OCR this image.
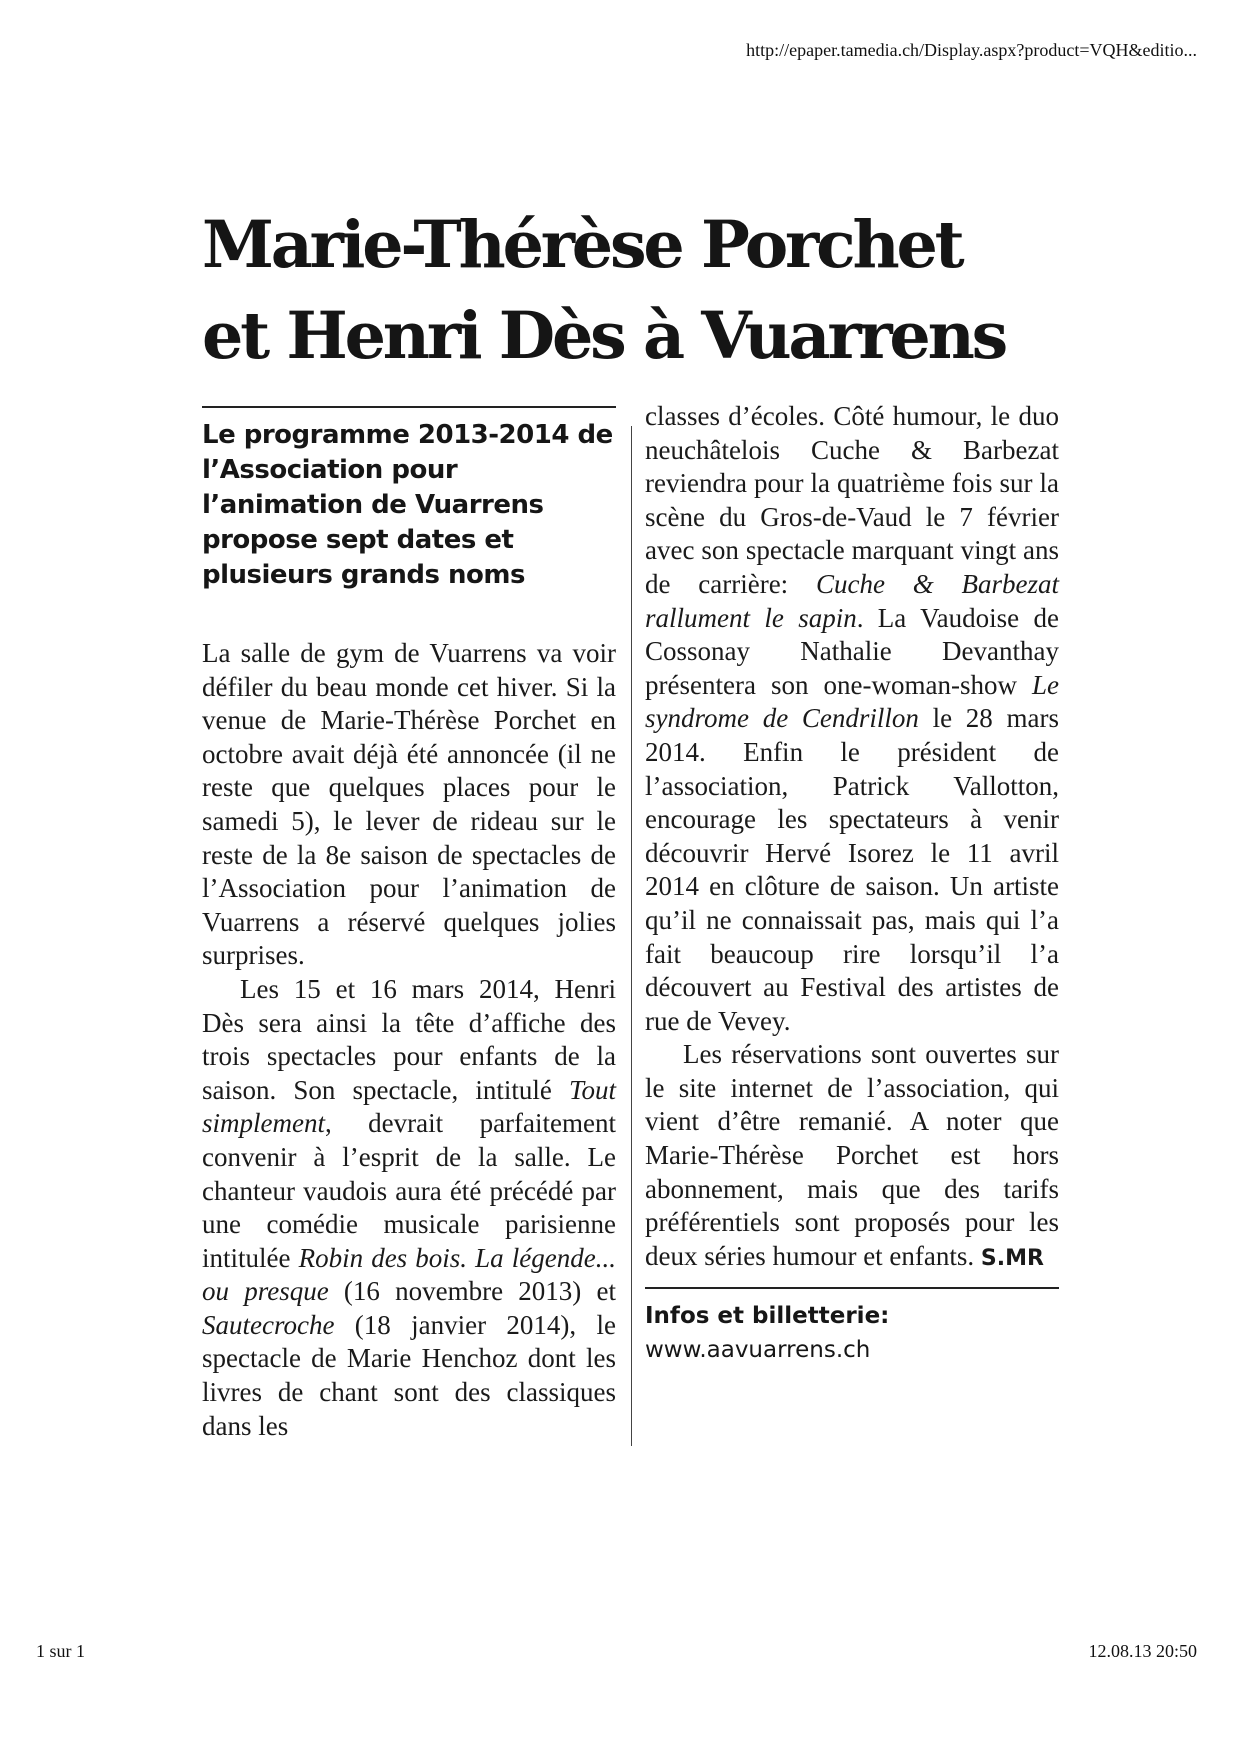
http://epaper.tamedia.ch/Display.aspx?product=VQH&editio...
Marie-Thérèse Porchet
et Henri Dès à Vuarrens

Le programme 2013-2014 de l’Association pour l’animation de Vuarrens propose sept dates et plusieurs grands noms

La salle de gym de Vuarrens va voir défiler du beau monde cet hiver. Si la venue de Marie-Thérèse Porchet en octobre avait déjà été annoncée (il ne reste que quelques places pour le samedi 5), le lever de rideau sur le reste de la 8e saison de spectacles de l’Association pour l’animation de Vuarrens a réservé quelques jolies surprises.

Les 15 et 16 mars 2014, Henri Dès sera ainsi la tête d’affiche des trois spectacles pour enfants de la saison. Son spectacle, intitulé Tout simplement, devrait parfaitement convenir à l’esprit de la salle. Le chanteur vaudois aura été précédé par une comédie musicale parisienne intitulée Robin des bois. La légende... ou presque (16 novembre 2013) et Sautecroche (18 janvier 2014), le spectacle de Marie Henchoz dont les livres de chant sont des classiques dans les

classes d’écoles. Côté humour, le duo neuchâtelois Cuche & Barbezat reviendra pour la quatrième fois sur la scène du Gros-de-Vaud le 7 février avec son spectacle marquant vingt ans de carrière: Cuche & Barbezat rallument le sapin. La Vaudoise de Cossonay Nathalie Devanthay présentera son one-woman-show Le syndrome de Cendrillon le 28 mars 2014. Enfin le président de l’association, Patrick Vallotton, encourage les spectateurs à venir découvrir Hervé Isorez le 11 avril 2014 en clôture de saison. Un artiste qu’il ne connaissait pas, mais qui l’a fait beaucoup rire lorsqu’il l’a découvert au Festival des artistes de rue de Vevey.

Les réservations sont ouvertes sur le site internet de l’association, qui vient d’être remanié. A noter que Marie-Thérèse Porchet est hors abonnement, mais que des tarifs préférentiels sont proposés pour les deux séries humour et enfants. S.MR

Infos et billetterie:

www.aavuarrens.ch

1 sur 1	12.08.13 20:50
